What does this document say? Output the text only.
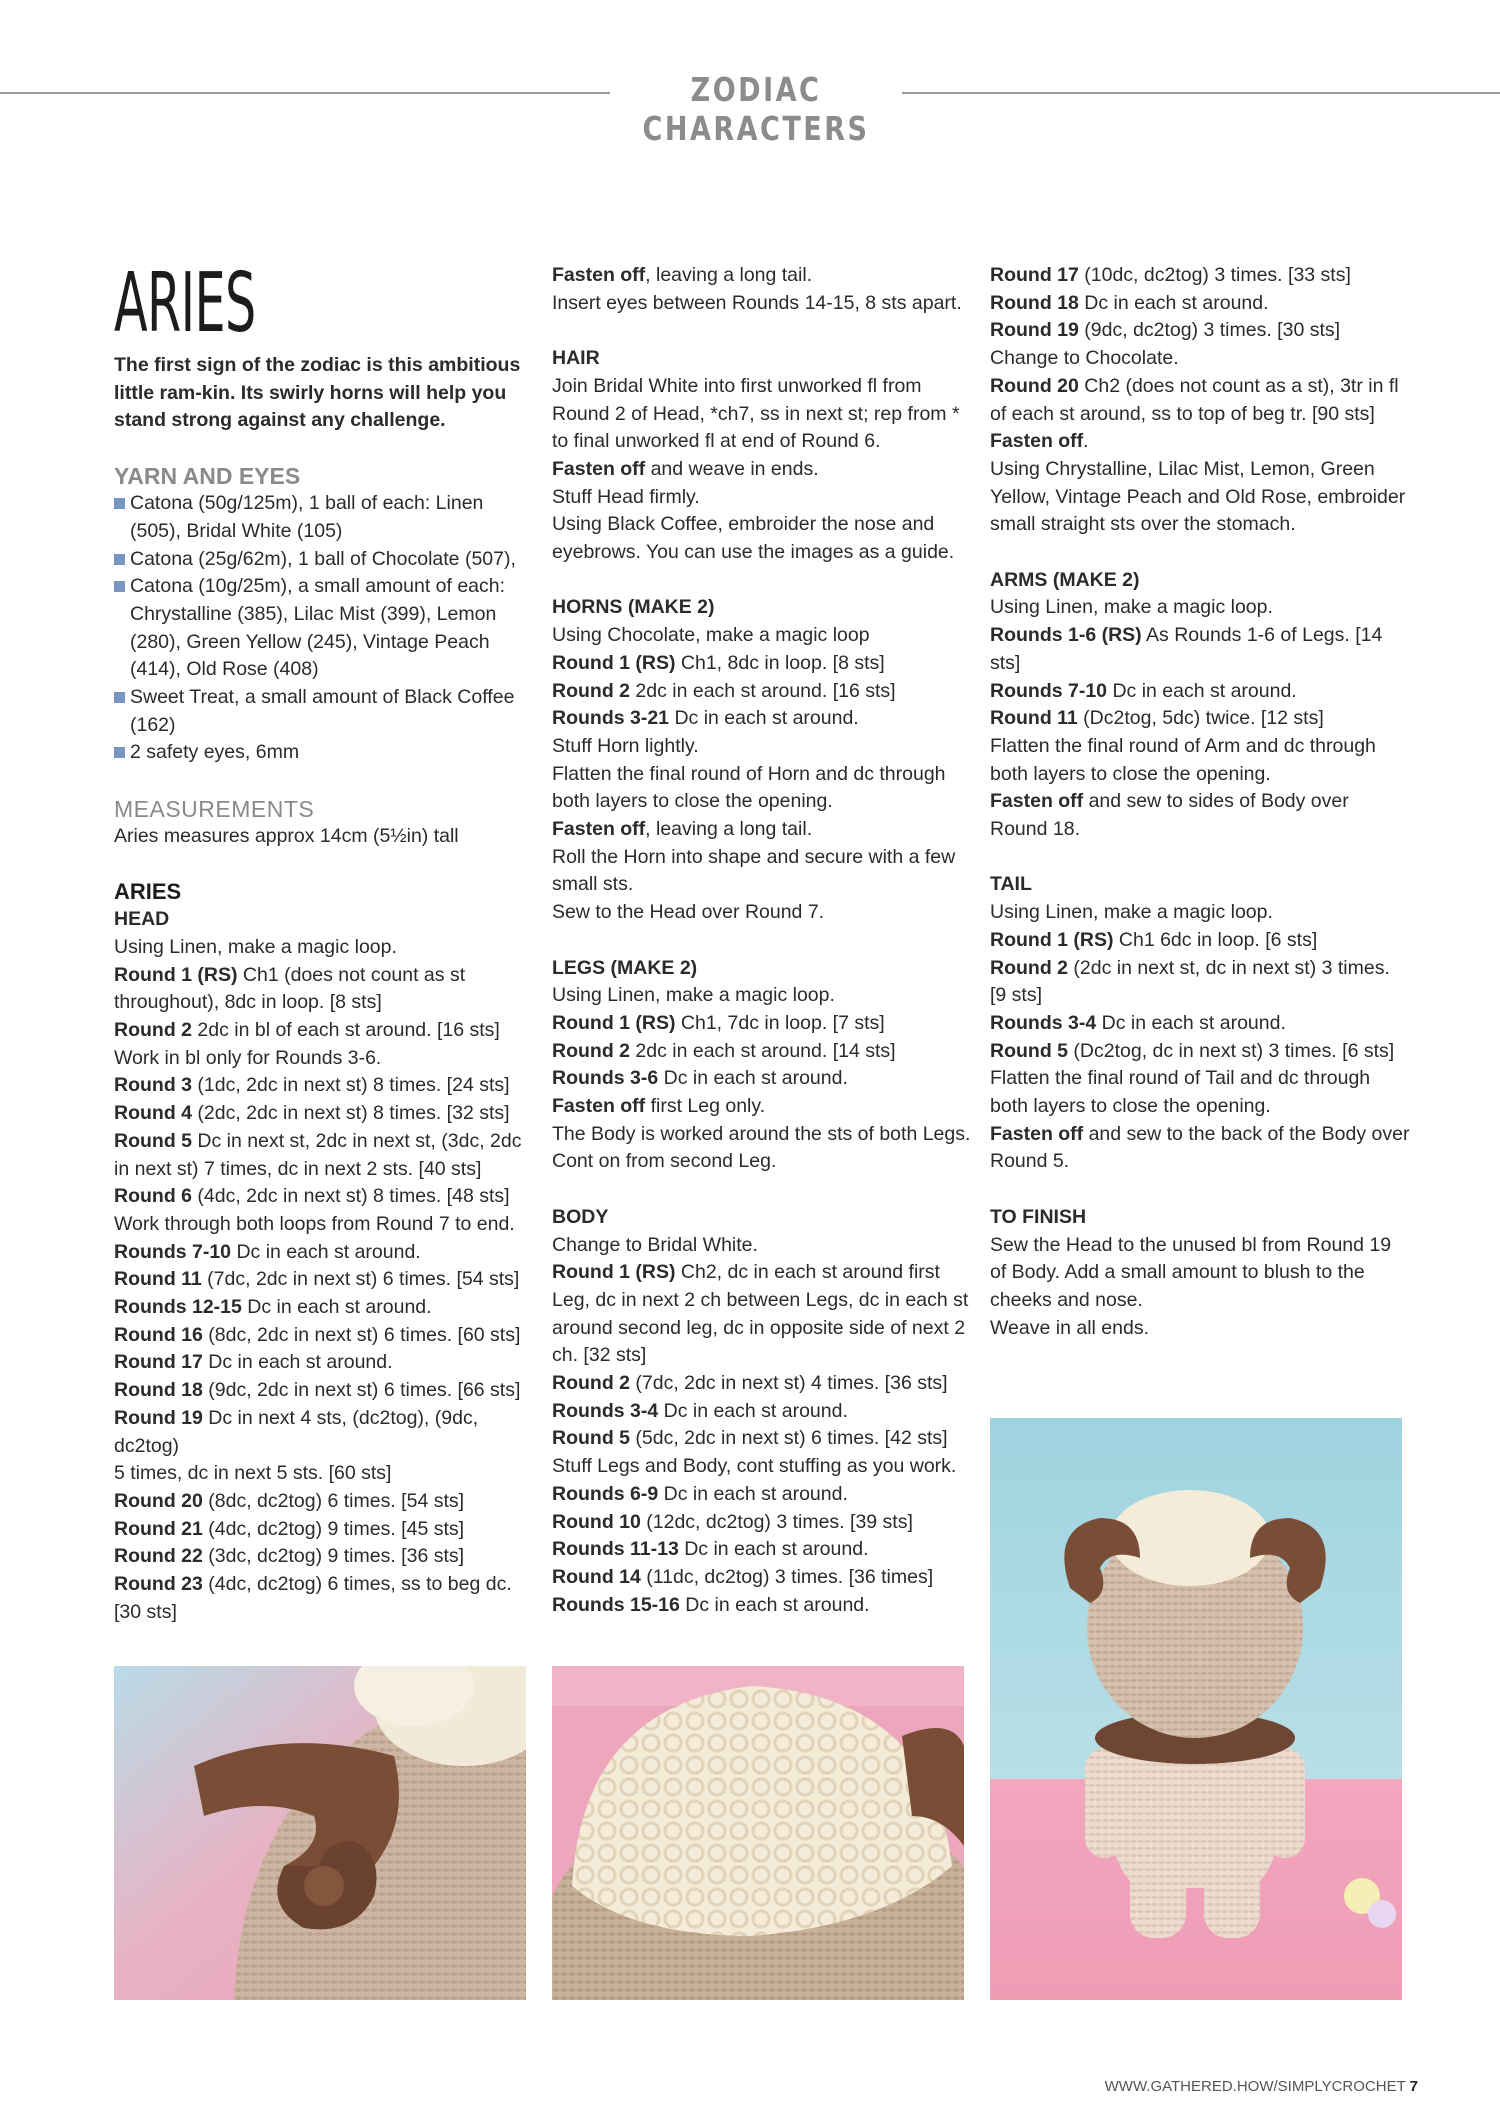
ZODIAC CHARACTERS
ARIES
The first sign of the zodiac is this ambitious little ram-kin. Its swirly horns will help you stand strong against any challenge.
YARN AND EYES
Catona (50g/125m), 1 ball of each: Linen (505), Bridal White (105)
Catona (25g/62m), 1 ball of Chocolate (507),
Catona (10g/25m), a small amount of each: Chrystalline (385), Lilac Mist (399), Lemon (280), Green Yellow (245), Vintage Peach (414), Old Rose (408)
Sweet Treat, a small amount of Black Coffee (162)
2 safety eyes, 6mm
MEASUREMENTS

Aries measures approx 14cm (5½in) tall

ARIES
HEAD

Using Linen, make a magic loop.

Round 1 (RS) Ch1 (does not count as st throughout), 8dc in loop. [8 sts]

Round 2 2dc in bl of each st around. [16 sts]

Work in bl only for Rounds 3-6.

Round 3 (1dc, 2dc in next st) 8 times. [24 sts]

Round 4 (2dc, 2dc in next st) 8 times. [32 sts]

Round 5 Dc in next st, 2dc in next st, (3dc, 2dc in next st) 7 times, dc in next 2 sts. [40 sts]

Round 6 (4dc, 2dc in next st) 8 times. [48 sts]

Work through both loops from Round 7 to end.

Rounds 7-10 Dc in each st around.

Round 11 (7dc, 2dc in next st) 6 times. [54 sts]

Rounds 12-15 Dc in each st around.

Round 16 (8dc, 2dc in next st) 6 times. [60 sts]

Round 17 Dc in each st around.

Round 18 (9dc, 2dc in next st) 6 times. [66 sts]

Round 19 Dc in next 4 sts, (dc2tog), (9dc, dc2tog)

5 times, dc in next 5 sts. [60 sts]

Round 20 (8dc, dc2tog) 6 times. [54 sts]

Round 21 (4dc, dc2tog) 9 times. [45 sts]

Round 22 (3dc, dc2tog) 9 times. [36 sts]

Round 23 (4dc, dc2tog) 6 times, ss to beg dc. [30 sts]

Fasten off, leaving a long tail.

Insert eyes between Rounds 14-15, 8 sts apart.

HAIR

Join Bridal White into first unworked fl from Round 2 of Head, *ch7, ss in next st; rep from * to final unworked fl at end of Round 6.

Fasten off and weave in ends.

Stuff Head firmly.

Using Black Coffee, embroider the nose and eyebrows. You can use the images as a guide.

HORNS (MAKE 2)

Using Chocolate, make a magic loop

Round 1 (RS) Ch1, 8dc in loop. [8 sts]

Round 2 2dc in each st around. [16 sts]

Rounds 3-21 Dc in each st around.

Stuff Horn lightly.

Flatten the final round of Horn and dc through both layers to close the opening.

Fasten off, leaving a long tail.

Roll the Horn into shape and secure with a few small sts.

Sew to the Head over Round 7.

LEGS (MAKE 2)

Using Linen, make a magic loop.

Round 1 (RS) Ch1, 7dc in loop. [7 sts]

Round 2 2dc in each st around. [14 sts]

Rounds 3-6 Dc in each st around.

Fasten off first Leg only.

The Body is worked around the sts of both Legs. Cont on from second Leg.

BODY

Change to Bridal White.

Round 1 (RS) Ch2, dc in each st around first Leg, dc in next 2 ch between Legs, dc in each st around second leg, dc in opposite side of next 2 ch. [32 sts]

Round 2 (7dc, 2dc in next st) 4 times. [36 sts]

Rounds 3-4 Dc in each st around.

Round 5 (5dc, 2dc in next st) 6 times. [42 sts]

Stuff Legs and Body, cont stuffing as you work.

Rounds 6-9 Dc in each st around.

Round 10 (12dc, dc2tog) 3 times. [39 sts]

Rounds 11-13 Dc in each st around.

Round 14 (11dc, dc2tog) 3 times. [36 times]

Rounds 15-16 Dc in each st around.

Round 17 (10dc, dc2tog) 3 times. [33 sts]

Round 18 Dc in each st around.

Round 19 (9dc, dc2tog) 3 times. [30 sts]

Change to Chocolate.

Round 20 Ch2 (does not count as a st), 3tr in fl of each st around, ss to top of beg tr. [90 sts]

Fasten off.

Using Chrystalline, Lilac Mist, Lemon, Green Yellow, Vintage Peach and Old Rose, embroider small straight sts over the stomach.

ARMS (MAKE 2)

Using Linen, make a magic loop.

Rounds 1-6 (RS) As Rounds 1-6 of Legs. [14 sts]

Rounds 7-10 Dc in each st around.

Round 11 (Dc2tog, 5dc) twice. [12 sts]

Flatten the final round of Arm and dc through both layers to close the opening.

Fasten off and sew to sides of Body over Round 18.

TAIL

Using Linen, make a magic loop.

Round 1 (RS) Ch1 6dc in loop. [6 sts]

Round 2 (2dc in next st, dc in next st) 3 times. [9 sts]

Rounds 3-4 Dc in each st around.

Round 5 (Dc2tog, dc in next st) 3 times. [6 sts]

Flatten the final round of Tail and dc through both layers to close the opening.

Fasten off and sew to the back of the Body over Round 5.

TO FINISH

Sew the Head to the unused bl from Round 19 of Body. Add a small amount to blush to the cheeks and nose.

Weave in all ends.

WWW.GATHERED.HOW/SIMPLYCROCHET 7
